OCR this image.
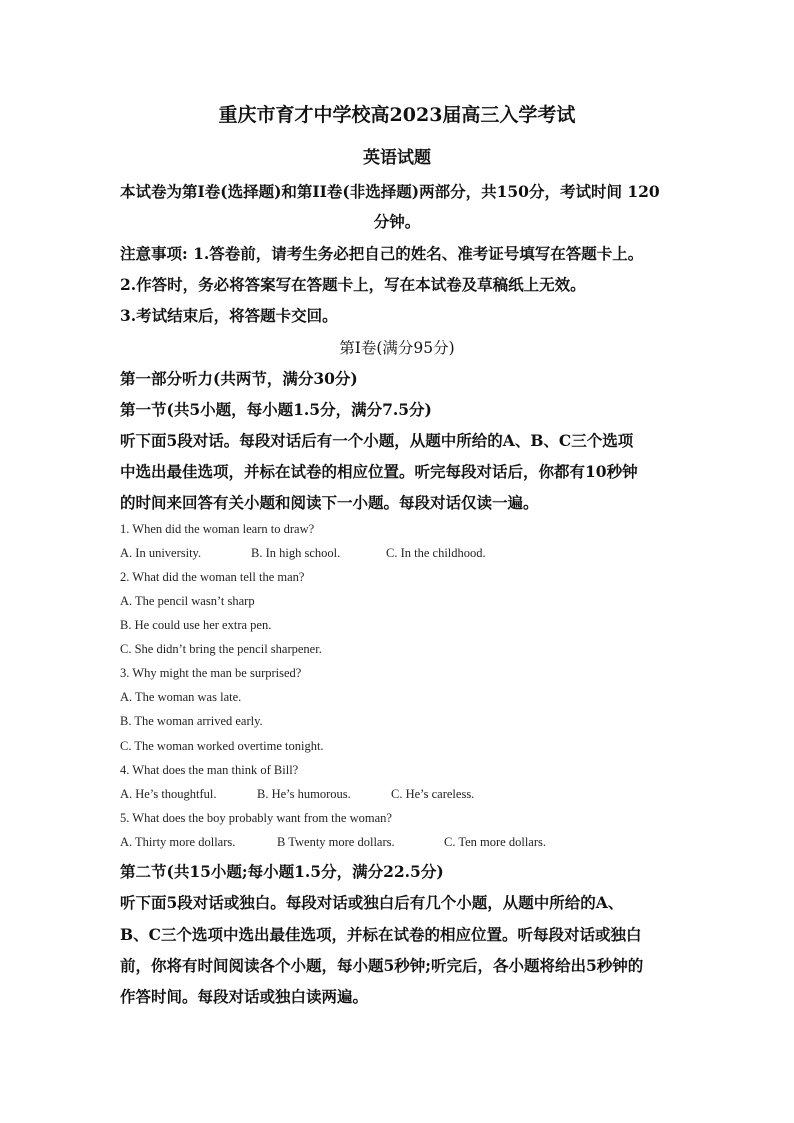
重庆市育才中学校高2023届高三入学考试
英语试题
本试卷为第I卷(选择题)和第II卷(非选择题)两部分，共150分，考试时间 120
分钟。
注意事项: 1.答卷前，请考生务必把自己的姓名、准考证号填写在答题卡上。
2.作答时，务必将答案写在答题卡上，写在本试卷及草稿纸上无效。
3.考试结束后，将答题卡交回。
第I卷(满分95分)
第一部分听力(共两节，满分30分)
第一节(共5小题，每小题1.5分，满分7.5分)
听下面5段对话。每段对话后有一个小题，从题中所给的A、B、C三个选项
中选出最佳选项，并标在试卷的相应位置。听完每段对话后，你都有10秒钟
的时间来回答有关小题和阅读下一小题。每段对话仅读一遍。
1. When did the woman learn to draw?
A. In university.	B. In high school.	C. In the childhood.
2. What did the woman tell the man?
A. The pencil wasn’t sharp
B. He could use her extra pen.
C. She didn’t bring the pencil sharpener.
3. Why might the man be surprised?
A. The woman was late.
B. The woman arrived early.
C. The woman worked overtime tonight.
4. What does the man think of Bill?
A. He’s thoughtful.	B. He’s humorous.	C. He’s careless.
5. What does the boy probably want from the woman?
A. Thirty more dollars.	B Twenty more dollars.	C. Ten more dollars.
第二节(共15小题;每小题1.5分，满分22.5分)
听下面5段对话或独白。每段对话或独白后有几个小题，从题中所给的A、
B、C三个选项中选出最佳选项，并标在试卷的相应位置。听每段对话或独白
前，你将有时间阅读各个小题，每小题5秒钟;听完后，各小题将给出5秒钟的
作答时间。每段对话或独白读两遍。
